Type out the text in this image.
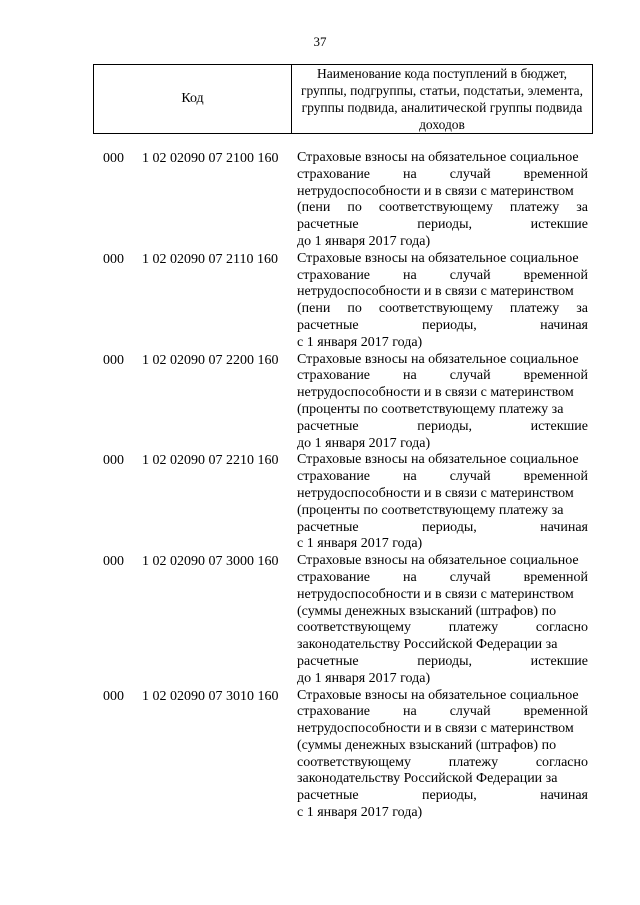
37
Код
Наименование кода поступлений в бюджет, группы, подгруппы, статьи, подстатьи, элемента, группы подвида, аналитической группы подвида доходов
000 1 02 02090 07 2100 160 Страховые взносы на обязательное социальное
страхование на случай временной
нетрудоспособности и в связи с материнством
(пени по соответствующему платежу за
расчетные	периоды,	истекшие
до 1 января 2017 года)
000 1 02 02090 07 2110 160 Страховые взносы на обязательное социальное
страхование на случай временной
нетрудоспособности и в связи с материнством
(пени по соответствующему платежу за
расчетные	периоды,	начиная
с 1 января 2017 года)
000 1 02 02090 07 2200 160 Страховые взносы на обязательное социальное
страхование на случай временной
нетрудоспособности и в связи с материнством
(проценты по соответствующему платежу за
расчетные	периоды,	истекшие
до 1 января 2017 года)
000 1 02 02090 07 2210 160 Страховые взносы на обязательное социальное
страхование на случай временной
нетрудоспособности и в связи с материнством
(проценты по соответствующему платежу за
расчетные	периоды,	начиная
с 1 января 2017 года)
000 1 02 02090 07 3000 160 Страховые взносы на обязательное социальное
страхование на случай временной
нетрудоспособности и в связи с материнством
(суммы денежных взысканий (штрафов) по
соответствующему	платежу	согласно
законодательству Российской Федерации за
расчетные	периоды,	истекшие
до 1 января 2017 года)
000 1 02 02090 07 3010 160 Страховые взносы на обязательное социальное
страхование на случай временной
нетрудоспособности и в связи с материнством
(суммы денежных взысканий (штрафов) по
соответствующему	платежу	согласно
законодательству Российской Федерации за
расчетные	периоды,	начиная
с 1 января 2017 года)
